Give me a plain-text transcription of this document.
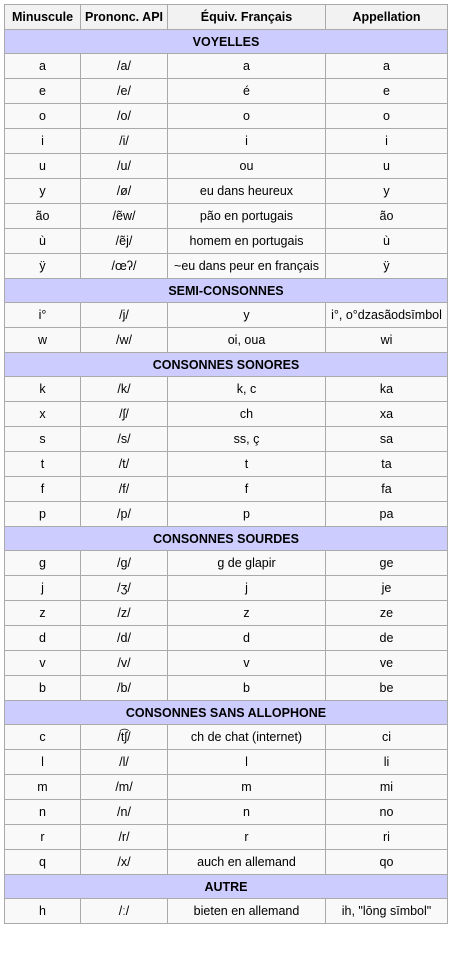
Minuscule	Prononc. API	Équiv. Français	Appellation
VOYELLES			
a	/a/	a	a
e	/e/	é	e
o	/o/	o	o
i	/i/	i	i
u	/u/	ou	u
y	/ø/	eu dans heureux	y
ão	/ẽw/	pão en portugais	ão
ù	/ẽj/	homem en portugais	ù
ÿ	/œʔ/	~eu dans peur en français	ÿ
SEMI-CONSONNES			
i°	/j/	y	i°, o°dzasãodsīmbol
w	/w/	oi, oua	wi
CONSONNES SONORES			
k	/k/	k, c	ka
x	/ʃ/	ch	xa
s	/s/	ss, ç	sa
t	/t/	t	ta
f	/f/	f	fa
p	/p/	p	pa
CONSONNES SOURDES			
g	/g/	g de glapir	ge
j	/ʒ/	j	je
z	/z/	z	ze
d	/d/	d	de
v	/v/	v	ve
b	/b/	b	be
CONSONNES SANS ALLOPHONE			
c	/t͡ʃ/	ch de chat (internet)	ci
l	/l/	l	li
m	/m/	m	mi
n	/n/	n	no
r	/r/	r	ri
q	/x/	auch en allemand	qo
AUTRE			
h	/ː/	bieten en allemand	ih, "lōng sīmbol"
